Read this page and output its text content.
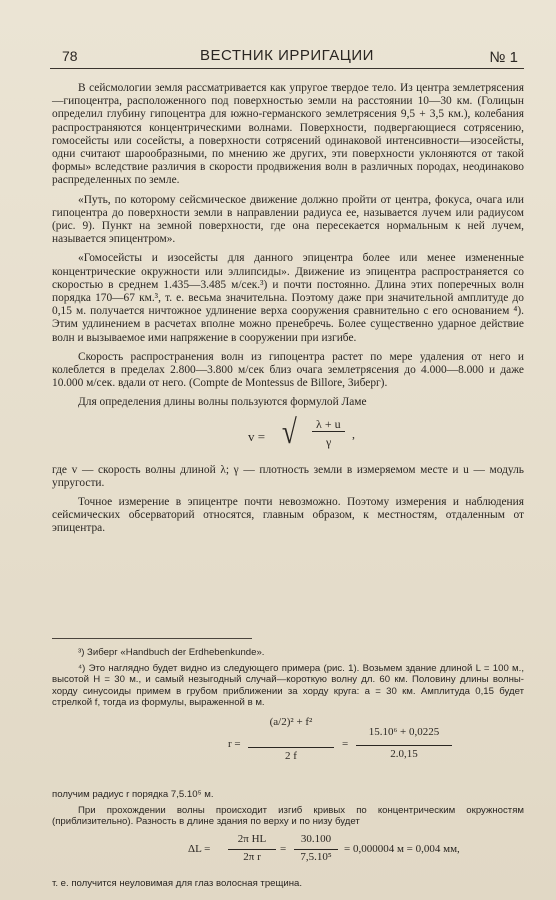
78	ВЕСТНИК ИРРИГАЦИИ	№ 1

В сейсмологии земля рассматривается как упругое твердое тело. Из центра землетрясения—гипоцентра, расположенного под поверхностью земли на расстоянии 10—30 км. (Голицын определил глубину гипоцентра для южно-германского землетрясения 9,5 + 3,5 км.), колебания распространяются концентрическими волнами. Поверхности, подвергающиеся сотрясению, гомосейсты или сосейсты, а поверхности сотрясений одинаковой интенсивности—изосейсты, одни считают шарообразными, по мнению же других, эти поверхности уклоняются от такой формы» вследствие различия в скорости продвижения волн в различных породах, неодинаково распределенных по земле.

«Путь, по которому сейсмическое движение должно пройти от центра, фокуса, очага или гипоцентра до поверхности земли в направлении радиуса ее, называется лучем или радиусом (рис. 9). Пункт на земной поверхности, где она пересекается нормальным к ней лучем, называется эпицентром».

«Гомосейсты и изосейсты для данного эпицентра более или менее измененные концентрические окружности или эллипсиды». Движение из эпицентра распространяется со скоростью в среднем 1.435—3.485 м/сек.³) и почти постоянно. Длина этих поперечных волн порядка 170—67 км.³, т. е. весьма значительна. Поэтому даже при значительной амплитуде до 0,15 м. получается ничтожное удлинение верха сооружения сравнительно с его основанием ⁴). Этим удлинением в расчетах вполне можно пренебречь. Более существенно ударное действие волн и вызываемое ими напряжение в сооружении при изгибе.

Скорость распространения волн из гипоцентра растет по мере удаления от него и колеблется в пределах 2.800—3.800 м/сек близ очага землетрясения до 4.000—8.000 и даже 10.000 м/сек. вдали от него. (Compte de Montessus de Billore, Зиберг).

Для определения длины волны пользуются формулой Ламе

v = √	λ + u
γ
,

где v — скорость волны длиной λ; γ — плотность земли в измеряемом месте и u — модуль упругости.

Точное измерение в эпицентре почти невозможно. Поэтому измерения и наблюдения сейсмических обсерваторий относятся, главным образом, к местностям, отдаленным от эпицентра.

³) Зиберг «Handbuch der Erdhebenkunde».

⁴) Это наглядно будет видно из следующего примера (рис. 1). Возьмем здание длиной L = 100 м., высотой H = 30 м., и самый незыгодный случай—короткую волну дл. 60 км. Половину длины волны-хорду синусоиды примем в грубом приближении за хорду круга: a = 30 км. Амплитуда 0,15 будет стрелкой f, тогда из формулы, выраженной в м.

r =
(a/2)² + f²
2 f
=
15.10⁶ + 0,0225
2.0,15

получим радиус r порядка 7,5.10⁵ м.

При прохождении волны происходит изгиб кривых по концентрическим окружностям (приблизительно). Разность в длине здания по верху и по низу будет

ΔL =
2π HL
2π r
=
30.100
7,5.10⁵
= 0,000004 м = 0,004 мм,

т. е. получится неуловимая для глаз волосная трещина.
